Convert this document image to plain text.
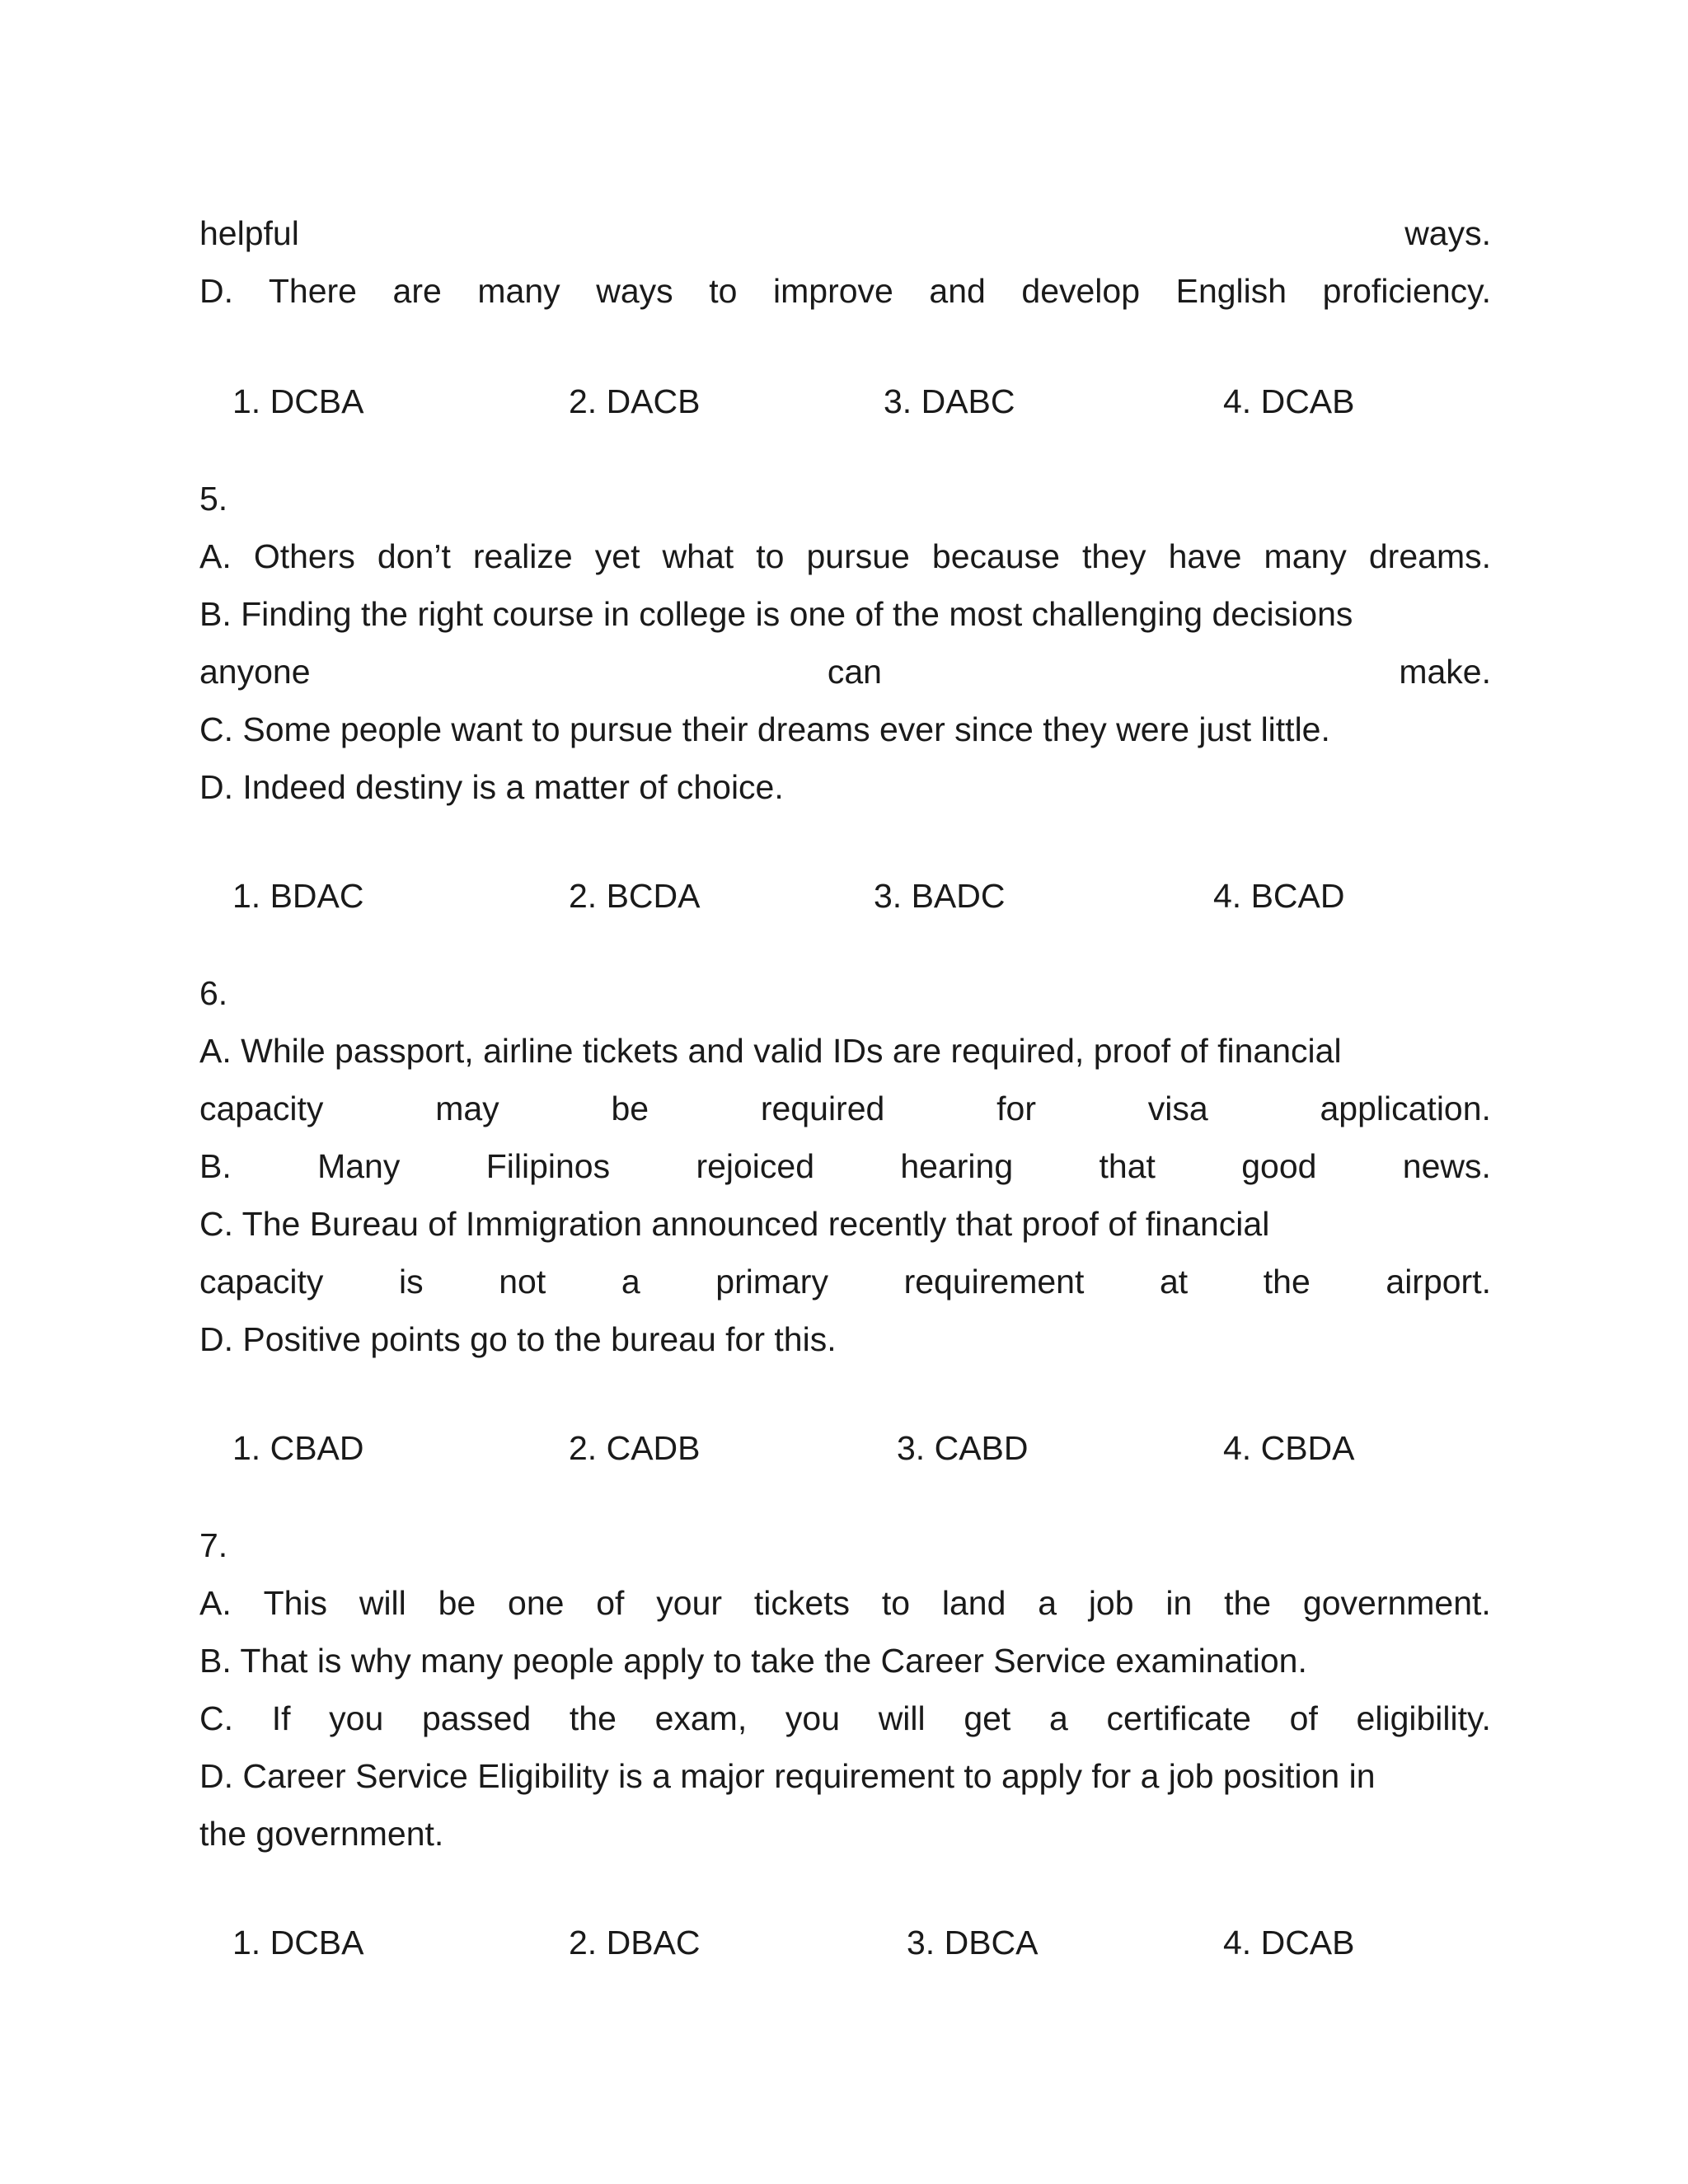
helpful	ways.
D. There are many ways to improve and develop English proficiency.
1. DCBA	2. DACB	3. DABC	4. DCAB
5.
A. Others don’t realize yet what to pursue because they have many dreams.
B. Finding the right course in college is one of the most challenging decisions
anyone	can	make.
C. Some people want to pursue their dreams ever since they were just little.
D. Indeed destiny is a matter of choice.
1. BDAC	2. BCDA	3. BADC	4. BCAD
6.
A. While passport, airline tickets and valid IDs are required, proof of financial
capacity	may	be	required	for	visa	application.
B.	Many	Filipinos	rejoiced	hearing	that	good	news.
C. The Bureau of Immigration announced recently that proof of financial
capacity is not a primary requirement at the airport.
D. Positive points go to the bureau for this.
1. CBAD	2. CADB	3. CABD	4. CBDA
7.
A. This will be one of your tickets to land a job in the government.
B. That is why many people apply to take the Career Service examination.
C. If you passed the exam, you will get a certificate of eligibility.
D. Career Service Eligibility is a major requirement to apply for a job position in
the government.
1. DCBA	2. DBAC	3. DBCA	4. DCAB
